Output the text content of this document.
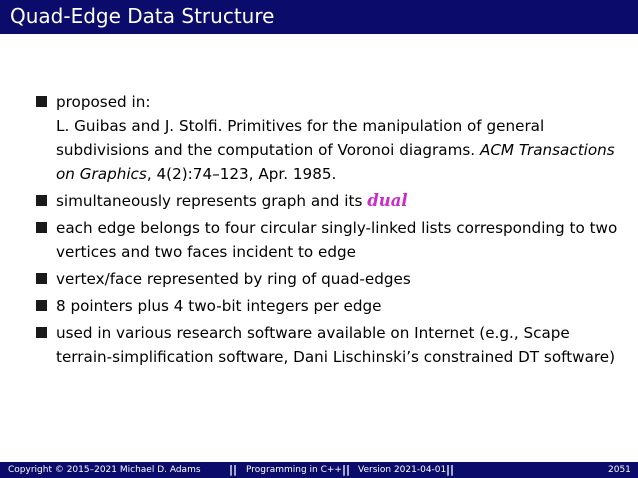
Quad-Edge Data Structure
proposed in:
L. Guibas and J. Stolfi. Primitives for the manipulation of general
subdivisions and the computation of Voronoi diagrams. ACM Transactions on Graphics, 4(2):74–123, Apr. 1985.
simultaneously represents graph and its dual
each edge belongs to four circular singly-linked lists corresponding to two vertices and two faces incident to edge
vertex/face represented by ring of quad-edges
8 pointers plus 4 two-bit integers per edge
used in various research software available on Internet (e.g., Scape terrain-simplification software, Dani Lischinski’s constrained DT software)
Copyright © 2015–2021 Michael D. Adams	|| Programming in C++ || Version 2021-04-01 ||	2051
